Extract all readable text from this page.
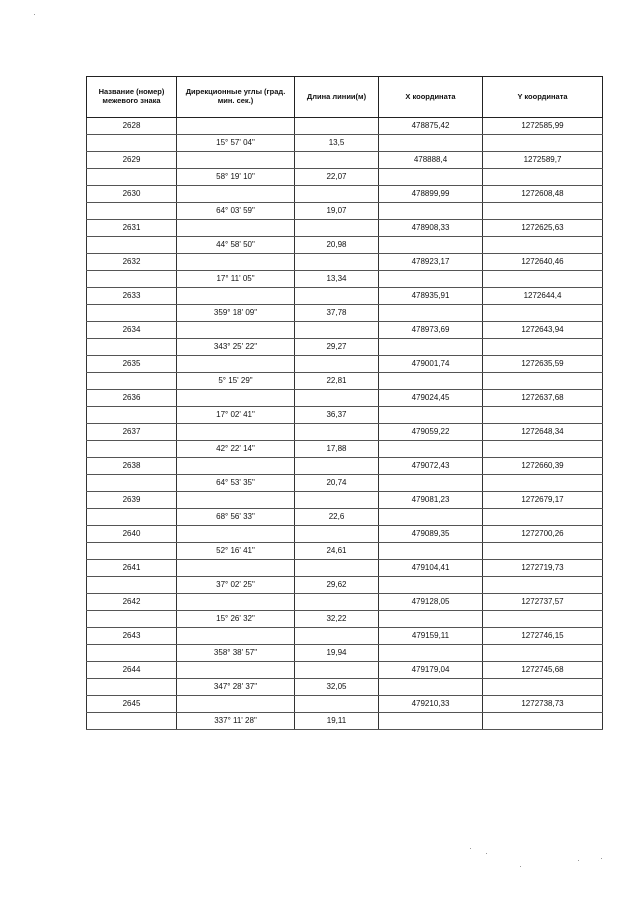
Название (номер) межевого знака	Дирекционные углы (град. мин. сек.)	Длина линии(м)	X координата	Y координата
2628			478875,42	1272585,99
	15° 57' 04"	13,5		
2629			478888,4	1272589,7
	58° 19' 10"	22,07		
2630			478899,99	1272608,48
	64° 03' 59"	19,07		
2631			478908,33	1272625,63
	44° 58' 50"	20,98		
2632			478923,17	1272640,46
	17° 11' 05"	13,34		
2633			478935,91	1272644,4
	359° 18' 09"	37,78		
2634			478973,69	1272643,94
	343° 25' 22"	29,27		
2635			479001,74	1272635,59
	5° 15' 29"	22,81		
2636			479024,45	1272637,68
	17° 02' 41"	36,37		
2637			479059,22	1272648,34
	42° 22' 14"	17,88		
2638			479072,43	1272660,39
	64° 53' 35"	20,74		
2639			479081,23	1272679,17
	68° 56' 33"	22,6		
2640			479089,35	1272700,26
	52° 16' 41"	24,61		
2641			479104,41	1272719,73
	37° 02' 25"	29,62		
2642			479128,05	1272737,57
	15° 26' 32"	32,22		
2643			479159,11	1272746,15
	358° 38' 57"	19,94		
2644			479179,04	1272745,68
	347° 28' 37"	32,05		
2645			479210,33	1272738,73
	337° 11' 28"	19,11		
